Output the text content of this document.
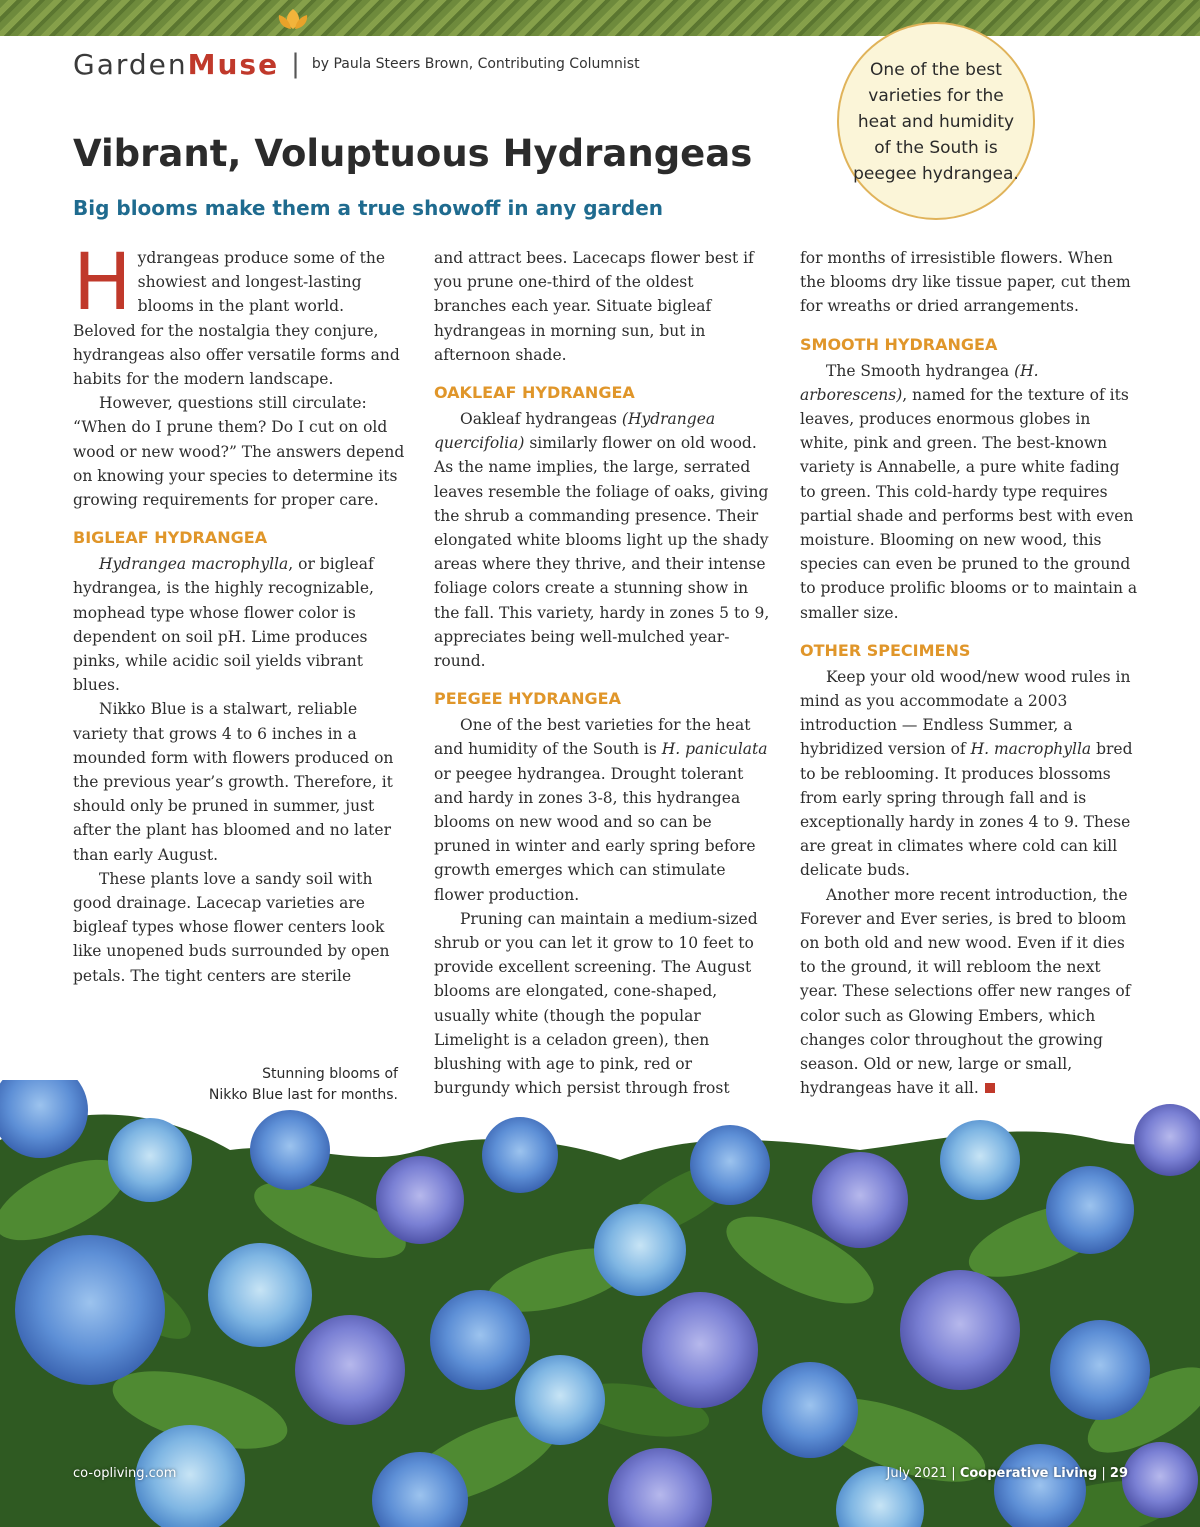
Garden Muse | by Paula Steers Brown, Contributing Columnist	One of the best varieties for the heat and humidity of the South is peegee hydrangea.
Vibrant, Voluptuous Hydrangeas
Big blooms make them a true showoff in any garden

Hydrangeas produce some of the showiest and longest-lasting blooms in the plant world. Beloved for the nostalgia they conjure, hydrangeas also offer versatile forms and habits for the modern landscape.

However, questions still circulate: “When do I prune them? Do I cut on old wood or new wood?” The answers depend on knowing your species to determine its growing requirements for proper care.

BIGLEAF HYDRANGEA

Hydrangea macrophylla, or bigleaf hydrangea, is the highly recognizable, mophead type whose flower color is dependent on soil pH. Lime produces pinks, while acidic soil yields vibrant blues.

Nikko Blue is a stalwart, reliable variety that grows 4 to 6 inches in a mounded form with flowers produced on the previous year’s growth. Therefore, it should only be pruned in summer, just after the plant has bloomed and no later than early August.

These plants love a sandy soil with good drainage. Lacecap varieties are bigleaf types whose flower centers look like unopened buds surrounded by open petals. The tight centers are sterile

and attract bees. Lacecaps flower best if you prune one-third of the oldest branches each year. Situate bigleaf hydrangeas in morning sun, but in afternoon shade.

OAKLEAF HYDRANGEA

Oakleaf hydrangeas (Hydrangea quercifolia) similarly flower on old wood. As the name implies, the large, serrated leaves resemble the foliage of oaks, giving the shrub a commanding presence. Their elongated white blooms light up the shady areas where they thrive, and their intense foliage colors create a stunning show in the fall. This variety, hardy in zones 5 to 9, appreciates being well-mulched year-round.

PEEGEE HYDRANGEA

One of the best varieties for the heat and humidity of the South is H. paniculata or peegee hydrangea. Drought tolerant and hardy in zones 3-8, this hydrangea blooms on new wood and so can be pruned in winter and early spring before growth emerges which can stimulate flower production.

Pruning can maintain a medium-sized shrub or you can let it grow to 10 feet to provide excellent screening. The August blooms are elongated, cone-shaped, usually white (though the popular Limelight is a celadon green), then blushing with age to pink, red or burgundy which persist through frost

for months of irresistible flowers. When the blooms dry like tissue paper, cut them for wreaths or dried arrangements.

SMOOTH HYDRANGEA

The Smooth hydrangea (H. arborescens), named for the texture of its leaves, produces enormous globes in white, pink and green. The best-known variety is Annabelle, a pure white fading to green. This cold-hardy type requires partial shade and performs best with even moisture. Blooming on new wood, this species can even be pruned to the ground to produce prolific blooms or to maintain a smaller size.

OTHER SPECIMENS

Keep your old wood/new wood rules in mind as you accommodate a 2003 introduction — Endless Summer, a hybridized version of H. macrophylla bred to be reblooming. It produces blossoms from early spring through fall and is exceptionally hardy in zones 4 to 9. These are great in climates where cold can kill delicate buds.

Another more recent introduction, the Forever and Ever series, is bred to bloom on both old and new wood. Even if it dies to the ground, it will rebloom the next year. These selections offer new ranges of color such as Glowing Embers, which changes color throughout the growing season. Old or new, large or small, hydrangeas have it all.

Stunning blooms of
Nikko Blue last for months.
co-opliving.com	July 2021 | Cooperative Living | 29
